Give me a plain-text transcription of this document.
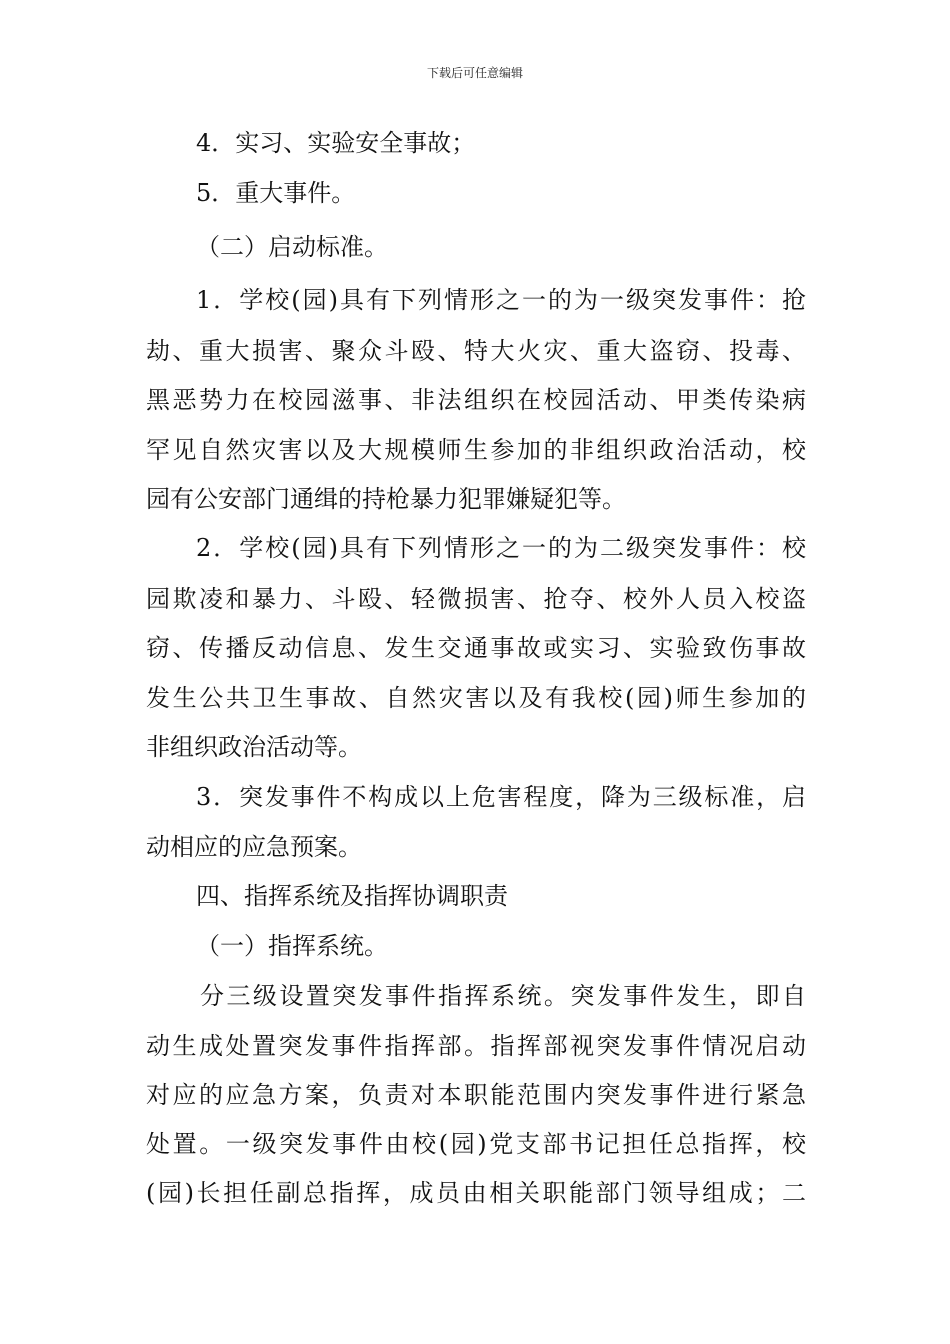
下载后可任意编辑
4．实习、实验安全事故；
5．重大事件。
（二）启动标准。
1．学校(园)具有下列情形之一的为一级突发事件：抢
劫、重大损害、聚众斗殴、特大火灾、重大盗窃、投毒、
黑恶势力在校园滋事、非法组织在校园活动、甲类传染病
罕见自然灾害以及大规模师生参加的非组织政治活动，校
园有公安部门通缉的持枪暴力犯罪嫌疑犯等。
2．学校(园)具有下列情形之一的为二级突发事件：校
园欺凌和暴力、斗殴、轻微损害、抢夺、校外人员入校盗
窃、传播反动信息、发生交通事故或实习、实验致伤事故
发生公共卫生事故、自然灾害以及有我校(园)师生参加的
非组织政治活动等。
3．突发事件不构成以上危害程度，降为三级标准，启
动相应的应急预案。
四、指挥系统及指挥协调职责
（一）指挥系统。
分三级设置突发事件指挥系统。突发事件发生，即自
动生成处置突发事件指挥部。指挥部视突发事件情况启动
对应的应急方案，负责对本职能范围内突发事件进行紧急
处置。一级突发事件由校(园)党支部书记担任总指挥，校
(园)长担任副总指挥，成员由相关职能部门领导组成；二
